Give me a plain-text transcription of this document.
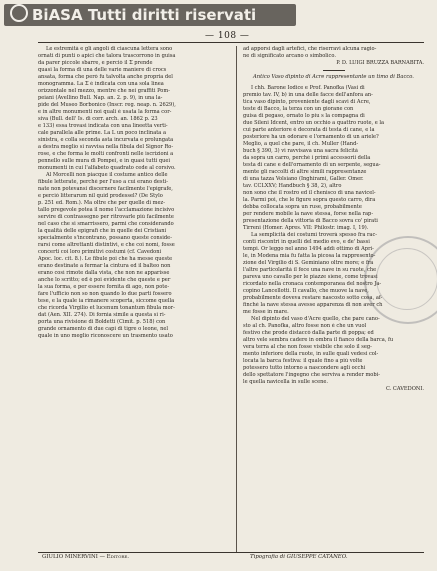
BiASA Tutti diritti riservati
— 108 —
Le estremità e gli angoli di ciascuna lettera sono
ornati di punti o apici che talora trascorrono in guisa
da parer piccole sbarre, e perciò il Σ prende
quasi la forma di una delle varie maniere di crocs
ansata, forma che però fu talvolta anche propria del
monogramma. La Σ è indicata con una sola linea
orizzontale nel mezzo, mentre che nei graffiti Pom-
peiani (Avellino Bull. Nap. an. 2. p. 9), in una la-
pide del Museo Borbonico (Inscr. reg. neap. n. 2629),
e in altre monumenti noi quali è usata la forma cor-
siva (Bull. dell' Is. di corr. arch. an. 1862 p. 23
e 133) essa trovasi indicata con una lineetta verti-
cale parallela alle prime. La L un poco inclinata a
sinistra, e colla seconda asta incurvata e prolungata
a destra meglio si ravvisa nella fibula del Signor Ro-
rose, e che forma le molti confronti nelle iscrizioni a
pennello sulle mura di Pompei, e in quasi tutti quei
monumenti in cui l'alfabeto quadrato cede al corsivo.
Al Morcelli non piacque il costume antico delle
fibule letterate, perchè per l'uso a cui erano desti-
nate non potevansi discernere facilmente l'epigrafe,
e perciò litterarum nil quid prodessel? (De Stylo
p. 251 ed. Rom.). Ma oltre che per quelle di mez-
tallo pregevole potea il nome l'acclamazione incisivo
servire di contrassegno per ritrovarle più facilmente
nel caso che si smarrissero, parmi che considerando
la qualità delle epigrafi che in quelle dei Cristiani
specialmente s'incontrano, possano queste conside-
rarsi come altrettanti distintivi, e che coi nomi, fosse
concerti coi loro primitivi costumi (cf. Cavedoni
Apoc. loc. cit. 8.). Le fibule poi che ha messe queste
erano destinate a fermar la cintura ed il balteo non
erano così rimote dalla vista, che non ne apparisse
anche lo scritto; ed è poi evidente che queste e per
la sua forma, e per essere fornita di ago, non pote-
fare l'ufficio non so non quando lo due parti fossero
tese, e la quale ia rimanere scoperta, siccome quella
che ricorda Virgilio et lucenum tonantum fibula mor-
dat (Aen. XII. 274). Di fornia simile a questa si ri-
porta una rivisione di Boldetti (Cimit. p. 518) con
grande ornamento di due capi di tigre o leone, nel
quale in uno meglio riconoscere un trasmento usato
ad apporsi dagli artefici, che riserravi alcuna ragio-
ne di significato arcano o simbolico.
P. D. LUIGI BRUZZA BARNABITA.
Antico Vaso dipinto di Acre rappresentante un timo di Bacco.
I chh. Barone Iodice e Prof. Panofka (Vasi di
premio tav. IV, b) in una delle facce dell'anfora an-
tica vaso dipinto, proveniente dagli scavi di Acre,
teste di Bacco, la terza con un giorane con
guisa di pegaso, ornato lo piu s la compagna di
due Sileni Idcent, entro un occhio a quattro ruote, e la
cui parte anteriore è decorata di testa di cane, e la
posteriore ha un odorare e l'ornamento di un ariele?
Meglio, a quel che pare, il ch. Muller (Hand-
buch § 390, 3) vi ravvisava una sacra felicità
da sopra un carro, perchè i primi accessorii della
testa di cane e dell'ornamento di un serpente, segua-
mente gli raccolti di altre simili rappresentanze
di una tazza Volsiano (Inghirami, Galler. Omer.
tav. CCLXXV; Handbuch § 38, 2), altro
non sono che il rostro ed il chenisco di una navicel-
la. Parmi poi, che le figure sopra questo carro, dira
debba collocata sopra un ruse, probabilmente
per rendere mobile la nave stessa, forse nella rap-
presentazione della vittoria di Bacco sovra co' pirati
Tirreni (Homer. Apres. VII: Philostr. imag. I, 19).
La semplicità dei costumi troverà spesso fra rac-
conti riscontri in quelli del medio evo, e de' bassi
tempi. Or leggo nel anno 1494 addì ottimo di Apri-
le, in Modena mia fu fatta la picosa la rappresento-
zione del Virgilio di S. Geminiano oltre more; e fra
l'altre particolarità il fece una nave in su ruote, che
pareva uno cavallo per le piazze siene, come trovasi
ricordato nella cronaca contemporanea del nostro Ja-
copino Lancellotti. Il cavallo, che muove la nave,
probabilmente doveva restare nascosto sotto cosa, af-
finchè la nave stessa avesse apparenza di non aver ch
me fosse in mare.
Nel dipinto del vaso d'Acre quello, che pare cano-
sto al ch. Panofka, altro fosse non è che un vuol
festivo che prode distaccò dalla parte di poppa; ed
altro vele sembra cadere in ombra il fianco della barca, fu
vera terra al che non fosse visibile che solo il seg-
mento inferiore della ruote, in sulle quali vedesi col-
locata la barca festiva: il quale fino a più volte
potessero tutto intorno a nascondere agli occhi
dello spettatore l'ingegno che serviva a render mobi-
le quella navicella in sulle scene.
C. CAVEDONI.
GIULIO MINERVINI — Editore.	Tipografia di GIUSEPPE CATANEO.
